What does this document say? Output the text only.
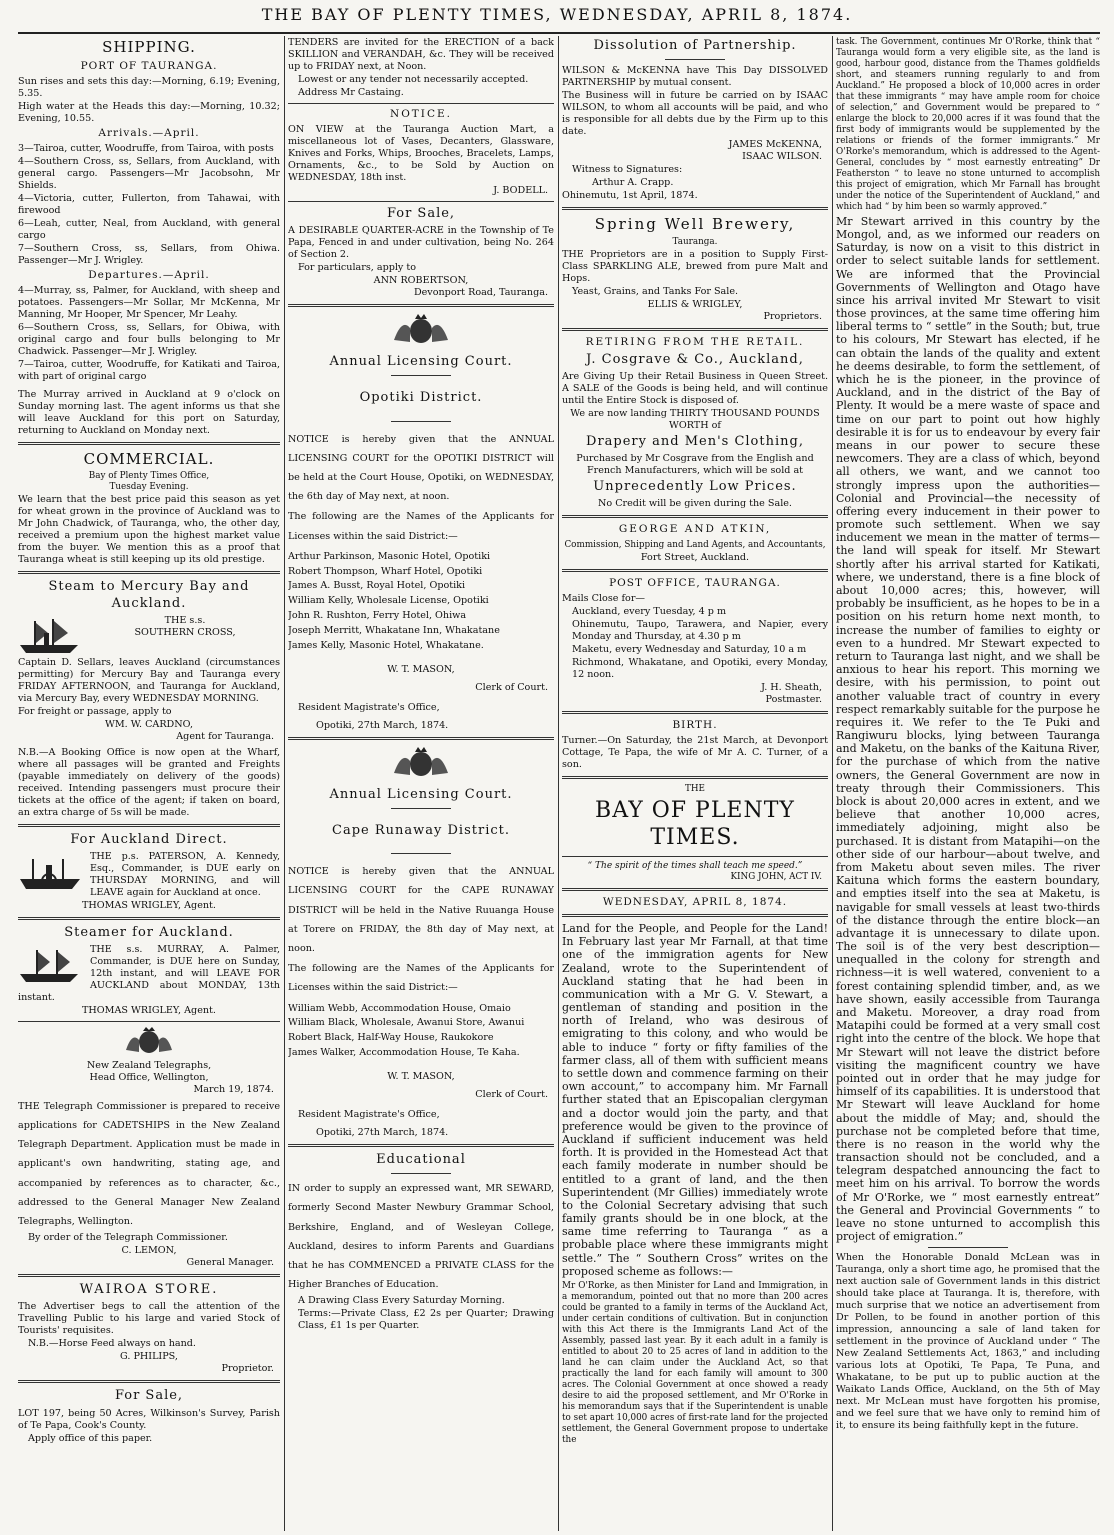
THE BAY OF PLENTY TIMES, WEDNESDAY, APRIL 8, 1874.
SHIPPING.
PORT OF TAURANGA.

Sun rises and sets this day:—Morning, 6.19; Evening, 5.35.

High water at the Heads this day:—Morning, 10.32; Evening, 10.55.

Arrivals.—April.

3—Tairoa, cutter, Woodruffe, from Tairoa, with posts

4—Southern Cross, ss, Sellars, from Auckland, with general cargo. Passengers—Mr Jacobsohn, Mr Shields.

4—Victoria, cutter, Fullerton, from Tahawai, with firewood

6—Leah, cutter, Neal, from Auckland, with general cargo

7—Southern Cross, ss, Sellars, from Ohiwa. Passenger—Mr J. Wrigley.

Departures.—April.

4—Murray, ss, Palmer, for Auckland, with sheep and potatoes. Passengers—Mr Sollar, Mr McKenna, Mr Manning, Mr Hooper, Mr Spencer, Mr Leahy.

6—Southern Cross, ss, Sellars, for Obiwa, with original cargo and four bulls belonging to Mr Chadwick. Passenger—Mr J. Wrigley.

7—Tairoa, cutter, Woodruffe, for Katikati and Tairoa, with part of original cargo

The Murray arrived in Auckland at 9 o'clock on Sunday morning last. The agent informs us that she will leave Auckland for this port on Saturday, returning to Auckland on Monday next.

COMMERCIAL.
Bay of Plenty Times Office,
Tuesday Evening.

We learn that the best price paid this season as yet for wheat grown in the province of Auckland was to Mr John Chadwick, of Tauranga, who, the other day, received a premium upon the highest market value from the buyer. We mention this as a proof that Tauranga wheat is still keeping up its old prestige.

Steam to Mercury Bay and Auckland.
THE s.s.
SOUTHERN CROSS,

Captain D. Sellars, leaves Auckland (circumstances permitting) for Mercury Bay and Tauranga every FRIDAY AFTERNOON, and Tauranga for Auckland, via Mercury Bay, every WEDNESDAY MORNING.

For freight or passage, apply to

WM. W. CARDNO,
Agent for Tauranga.

N.B.—A Booking Office is now open at the Wharf, where all passages will be granted and Freights (payable immediately on delivery of the goods) received. Intending passengers must procure their tickets at the office of the agent; if taken on board, an extra charge of 5s will be made.

For Auckland Direct.

THE p.s. PATERSON, A. Kennedy, Esq., Commander, is DUE early on THURSDAY MORNING, and will LEAVE again for Auckland at once.

THOMAS WRIGLEY, Agent.
Steamer for Auckland.

THE s.s. MURRAY, A. Palmer, Commander, is DUE here on Sunday, 12th instant, and will LEAVE FOR AUCKLAND about MONDAY, 13th instant.

THOMAS WRIGLEY, Agent.
New Zealand Telegraphs,
Head Office, Wellington,
March 19, 1874.

THE Telegraph Commissioner is prepared to receive applications for CADETSHIPS in the New Zealand Telegraph Department. Application must be made in applicant's own handwriting, stating age, and accompanied by references as to character, &c., addressed to the General Manager New Zealand Telegraphs, Wellington.

By order of the Telegraph Commissioner.

C. LEMON,
General Manager.
WAIROA STORE.

The Advertiser begs to call the attention of the Travelling Public to his large and varied Stock of Tourists' requisites.

N.B.—Horse Feed always on hand.

G. PHILIPS,
Proprietor.
For Sale,

LOT 197, being 50 Acres, Wilkinson's Survey, Parish of Te Papa, Cook's County.

Apply office of this paper.

TENDERS are invited for the ERECTION of a back SKILLION and VERANDAH, &c. They will be received up to FRIDAY next, at Noon.

Lowest or any tender not necessarily accepted.

Address Mr Castaing.

NOTICE.

ON VIEW at the Tauranga Auction Mart, a miscellaneous lot of Vases, Decanters, Glassware, Knives and Forks, Whips, Brooches, Bracelets, Lamps, Ornaments, &c., to be Sold by Auction on WEDNESDAY, 18th inst.

J. BODELL.
For Sale,

A DESIRABLE QUARTER-ACRE in the Township of Te Papa, Fenced in and under cultivation, being No. 264 of Section 2.

For particulars, apply to

ANN ROBERTSON,
Devonport Road, Tauranga.
Annual Licensing Court.
Opotiki District.

NOTICE is hereby given that the ANNUAL LICENSING COURT for the OPOTIKI DISTRICT will be held at the Court House, Opotiki, on WEDNESDAY, the 6th day of May next, at noon.

The following are the Names of the Applicants for Licenses within the said District:—

Arthur Parkinson, Masonic Hotel, Opotiki
Robert Thompson, Wharf Hotel, Opotiki
James A. Busst, Royal Hotel, Opotiki
William Kelly, Wholesale License, Opotiki
John R. Rushton, Ferry Hotel, Ohiwa
Joseph Merritt, Whakatane Inn, Whakatane
James Kelly, Masonic Hotel, Whakatane.
W. T. MASON,
Clerk of Court.

Resident Magistrate's Office,

Opotiki, 27th March, 1874.

Annual Licensing Court.
Cape Runaway District.

NOTICE is hereby given that the ANNUAL LICENSING COURT for the CAPE RUNAWAY DISTRICT will be held in the Native Ruuanga House at Torere on FRIDAY, the 8th day of May next, at noon.

The following are the Names of the Applicants for Licenses within the said District:—

William Webb, Accommodation House, Omaio
William Black, Wholesale, Awanui Store, Awanui
Robert Black, Half-Way House, Raukokore
James Walker, Accommodation House, Te Kaha.
W. T. MASON,
Clerk of Court.

Resident Magistrate's Office,

Opotiki, 27th March, 1874.

Educational

IN order to supply an expressed want, MR SEWARD, formerly Second Master Newbury Grammar School, Berkshire, England, and of Wesleyan College, Auckland, desires to inform Parents and Guardians that he has COMMENCED a PRIVATE CLASS for the Higher Branches of Education.

A Drawing Class Every Saturday Morning.

Terms:—Private Class, £2 2s per Quarter; Drawing Class, £1 1s per Quarter.

Dissolution of Partnership.

WILSON & McKENNA have This Day DISSOLVED PARTNERSHIP by mutual consent.

The Business will in future be carried on by ISAAC WILSON, to whom all accounts will be paid, and who is responsible for all debts due by the Firm up to this date.

JAMES McKENNA,
ISAAC WILSON.

Witness to Signatures:

Arthur A. Crapp.

Ohinemutu, 1st April, 1874.

Spring Well Brewery,
Tauranga.

THE Proprietors are in a position to Supply First-Class SPARKLING ALE, brewed from pure Malt and Hops.

Yeast, Grains, and Tanks For Sale.

ELLIS & WRIGLEY,
Proprietors.
RETIRING FROM THE RETAIL.
J. Cosgrave & Co., Auckland,

Are Giving Up their Retail Business in Queen Street. A SALE of the Goods is being held, and will continue until the Entire Stock is disposed of.

We are now landing THIRTY THOUSAND POUNDS WORTH of

Drapery and Men's Clothing,

Purchased by Mr Cosgrave from the English and French Manufacturers, which will be sold at

Unprecedently Low Prices.

No Credit will be given during the Sale.

GEORGE AND ATKIN,

Commission, Shipping and Land Agents, and Accountants,

Fort Street, Auckland.

POST OFFICE, TAURANGA.

Mails Close for—

Auckland, every Tuesday, 4 p m

Ohinemutu, Taupo, Tarawera, and Napier, every Monday and Thursday, at 4.30 p m

Maketu, every Wednesday and Saturday, 10 a m

Richmond, Whakatane, and Opotiki, every Monday, 12 noon.

J. H. Sheath,
Postmaster.
BIRTH.

Turner.—On Saturday, the 21st March, at Devonport Cottage, Te Papa, the wife of Mr A. C. Turner, of a son.

THE
BAY OF PLENTY TIMES.
“ The spirit of the times shall teach me speed.”
KING JOHN, ACT IV.
WEDNESDAY, APRIL 8, 1874.

Land for the People, and People for the Land! In February last year Mr Farnall, at that time one of the immigration agents for New Zealand, wrote to the Superintendent of Auckland stating that he had been in communication with a Mr G. V. Stewart, a gentleman of standing and position in the north of Ireland, who was desirous of emigrating to this colony, and who would be able to induce “ forty or fifty families of the farmer class, all of them with sufficient means to settle down and commence farming on their own account,” to accompany him. Mr Farnall further stated that an Episcopalian clergyman and a doctor would join the party, and that preference would be given to the province of Auckland if sufficient inducement was held forth. It is provided in the Homestead Act that each family moderate in number should be entitled to a grant of land, and the then Superintendent (Mr Gillies) immediately wrote to the Colonial Secretary advising that such family grants should be in one block, at the same time referring to Tauranga “ as a probable place where these immigrants might settle.” The “ Southern Cross” writes on the proposed scheme as follows:—

Mr O'Rorke, as then Minister for Land and Immigration, in a memorandum, pointed out that no more than 200 acres could be granted to a family in terms of the Auckland Act, under certain conditions of cultivation. But in conjunction with this Act there is the Immigrants Land Act of the Assembly, passed last year. By it each adult in a family is entitled to about 20 to 25 acres of land in addition to the land he can claim under the Auckland Act, so that practically the land for each family will amount to 300 acres. The Colonial Government at once showed a ready desire to aid the proposed settlement, and Mr O'Rorke in his memorandum says that if the Superintendent is unable to set apart 10,000 acres of first-rate land for the projected settlement, the General Government propose to undertake the

task. The Government, continues Mr O'Rorke, think that “ Tauranga would form a very eligible site, as the land is good, harbour good, distance from the Thames goldfields short, and steamers running regularly to and from Auckland.” He proposed a block of 10,000 acres in order that these immigrants “ may have ample room for choice of selection,” and Government would be prepared to “ enlarge the block to 20,000 acres if it was found that the first body of immigrants would be supplemented by the relations or friends of the former immigrants.” Mr O'Rorke's memorandum, which is addressed to the Agent-General, concludes by “ most earnestly entreating” Dr Featherston “ to leave no stone unturned to accomplish this project of emigration, which Mr Farnall has brought under the notice of the Superintendent of Auckland,” and which had “ by him been so warmly approved.”

Mr Stewart arrived in this country by the Mongol, and, as we informed our readers on Saturday, is now on a visit to this district in order to select suitable lands for settlement. We are informed that the Provincial Governments of Wellington and Otago have since his arrival invited Mr Stewart to visit those provinces, at the same time offering him liberal terms to “ settle” in the South; but, true to his colours, Mr Stewart has elected, if he can obtain the lands of the quality and extent he deems desirable, to form the settlement, of which he is the pioneer, in the province of Auckland, and in the district of the Bay of Plenty. It would be a mere waste of space and time on our part to point out how highly desirable it is for us to endeavour by every fair means in our power to secure these newcomers. They are a class of which, beyond all others, we want, and we cannot too strongly impress upon the authorities—Colonial and Provincial—the necessity of offering every inducement in their power to promote such settlement. When we say inducement we mean in the matter of terms—the land will speak for itself. Mr Stewart shortly after his arrival started for Katikati, where, we understand, there is a fine block of about 10,000 acres; this, however, will probably be insufficient, as he hopes to be in a position on his return home next month, to increase the number of families to eighty or even to a hundred. Mr Stewart expected to return to Tauranga last night, and we shall be anxious to hear his report. This morning we desire, with his permission, to point out another valuable tract of country in every respect remarkably suitable for the purpose he requires it. We refer to the Te Puki and Rangiwuru blocks, lying between Tauranga and Maketu, on the banks of the Kaituna River, for the purchase of which from the native owners, the General Government are now in treaty through their Commissioners. This block is about 20,000 acres in extent, and we believe that another 10,000 acres, immediately adjoining, might also be purchased. It is distant from Matapihi—on the other side of our harbour—about twelve, and from Maketu about seven miles. The river Kaituna which forms the eastern boundary, and empties itself into the sea at Maketu, is navigable for small vessels at least two-thirds of the distance through the entire block—an advantage it is unnecessary to dilate upon. The soil is of the very best description—unequalled in the colony for strength and richness—it is well watered, convenient to a forest containing splendid timber, and, as we have shown, easily accessible from Tauranga and Maketu. Moreover, a dray road from Matapihi could be formed at a very small cost right into the centre of the block. We hope that Mr Stewart will not leave the district before visiting the magnificent country we have pointed out in order that he may judge for himself of its capabilities. It is understood that Mr Stewart will leave Auckland for home about the middle of May; and, should the purchase not be completed before that time, there is no reason in the world why the transaction should not be concluded, and a telegram despatched announcing the fact to meet him on his arrival. To borrow the words of Mr O'Rorke, we “ most earnestly entreat” the General and Provincial Governments “ to leave no stone unturned to accomplish this project of emigration.”

When the Honorable Donald McLean was in Tauranga, only a short time ago, he promised that the next auction sale of Government lands in this district should take place at Tauranga. It is, therefore, with much surprise that we notice an advertisement from Dr Pollen, to be found in another portion of this impression, announcing a sale of land taken for settlement in the province of Auckland under “ The New Zealand Settlements Act, 1863,” and including various lots at Opotiki, Te Papa, Te Puna, and Whakatane, to be put up to public auction at the Waikato Lands Office, Auckland, on the 5th of May next. Mr McLean must have forgotten his promise, and we feel sure that we have only to remind him of it, to ensure its being faithfully kept in the future.
